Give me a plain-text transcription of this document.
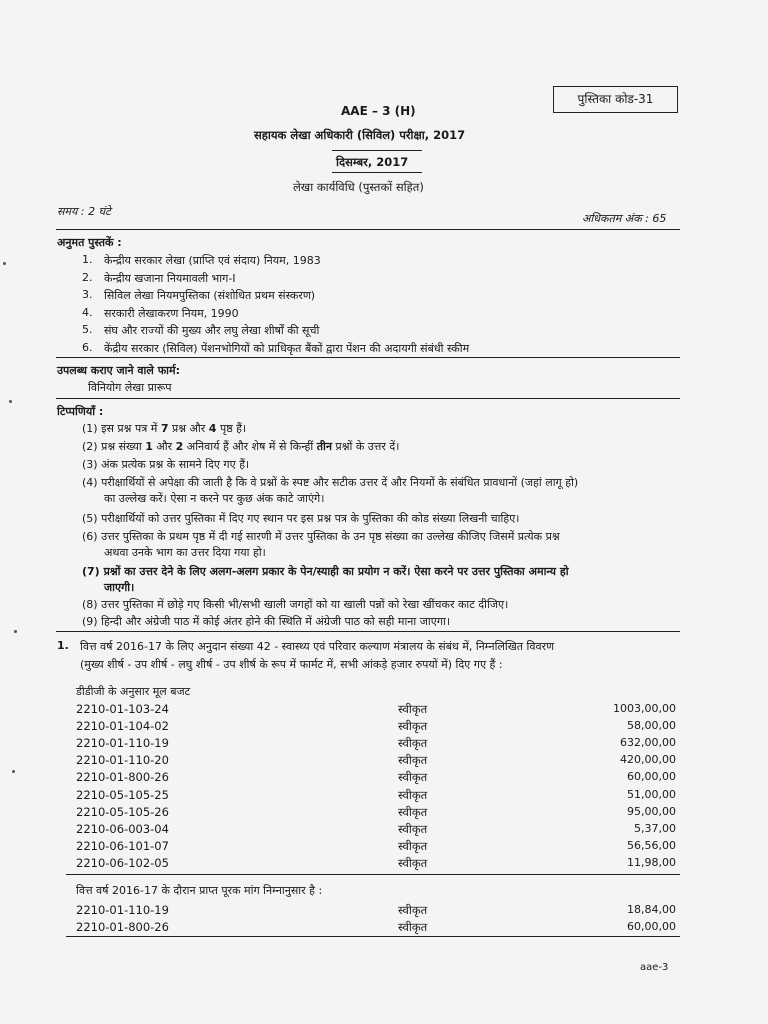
AAE – 3 (H)
पुस्तिका कोड-31
सहायक लेखा अधिकारी (सिविल) परीक्षा, 2017
दिसम्बर, 2017
लेखा कार्यविधि (पुस्तकों सहित)
समय : 2 घंटे
अधिकतम अंक : 65
अनुमत पुस्तकें :
1. केन्द्रीय सरकार लेखा (प्राप्ति एवं संदाय) नियम, 1983
2. केन्द्रीय खजाना नियमावली भाग-I
3. सिविल लेखा नियमपुस्तिका (संशोधित प्रथम संस्करण)
4. सरकारी लेखाकरण नियम, 1990
5. संघ और राज्यों की मुख्य और लघु लेखा शीर्षों की सूची
6. केंद्रीय सरकार (सिविल) पेंशनभोगियों को प्राधिकृत बैंकों द्वारा पेंशन की अदायगी संबंधी स्कीम
उपलब्ध कराए जाने वाले फार्म:
विनियोग लेखा प्रारूप
टिप्पणियाँ :
(1) इस प्रश्न पत्र में 7 प्रश्न और 4 पृष्ठ हैं।
(2) प्रश्न संख्या 1 और 2 अनिवार्य हैं और शेष में से किन्हीं तीन प्रश्नों के उत्तर दें।
(3) अंक प्रत्येक प्रश्न के सामने दिए गए हैं।
(4) परीक्षार्थियों से अपेक्षा की जाती है कि वे प्रश्नों के स्पष्ट और सटीक उत्तर दें और नियमों के संबंधित प्रावधानों (जहां लागू हो)
का उल्लेख करें। ऐसा न करने पर कुछ अंक काटे जाएंगे।
(5) परीक्षार्थियों को उत्तर पुस्तिका में दिए गए स्थान पर इस प्रश्न पत्र के पुस्तिका की कोड संख्या लिखनी चाहिए।
(6) उत्तर पुस्तिका के प्रथम पृष्ठ में दी गई सारणी में उत्तर पुस्तिका के उन पृष्ठ संख्या का उल्लेख कीजिए जिसमें प्रत्येक प्रश्न
अथवा उनके भाग का उत्तर दिया गया हो।
(7) प्रश्नों का उत्तर देने के लिए अलग-अलग प्रकार के पेन/स्याही का प्रयोग न करें। ऐसा करने पर उत्तर पुस्तिका अमान्य हो
जाएगी।
(8) उत्तर पुस्तिका में छोड़े गए किसी भी/सभी खाली जगहों को या खाली पन्नों को रेखा खींचकर काट दीजिए।
(9) हिन्दी और अंग्रेजी पाठ में कोई अंतर होने की स्थिति में अंग्रेजी पाठ को सही माना जाएगा।
1. वित्त वर्ष 2016-17 के लिए अनुदान संख्या 42 - स्वास्थ्य एवं परिवार कल्याण मंत्रालय के संबंध में, निम्नलिखित विवरण
(मुख्य शीर्ष - उप शीर्ष - लघु शीर्ष - उप शीर्ष के रूप में फार्मट में, सभी आंकड़े हजार रुपयों में) दिए गए हैं :
डीडीजी के अनुसार मूल बजट
2210-01-103-24	स्वीकृत	1003,00,00
2210-01-104-02	स्वीकृत	58,00,00
2210-01-110-19	स्वीकृत	632,00,00
2210-01-110-20	स्वीकृत	420,00,00
2210-01-800-26	स्वीकृत	60,00,00
2210-05-105-25	स्वीकृत	51,00,00
2210-05-105-26	स्वीकृत	95,00,00
2210-06-003-04	स्वीकृत	5,37,00
2210-06-101-07	स्वीकृत	56,56,00
2210-06-102-05	स्वीकृत	11,98,00
वित्त वर्ष 2016-17 के दौरान प्राप्त पूरक मांग निम्नानुसार है :
2210-01-110-19	स्वीकृत	18,84,00
2210-01-800-26	स्वीकृत	60,00,00
aae-3
